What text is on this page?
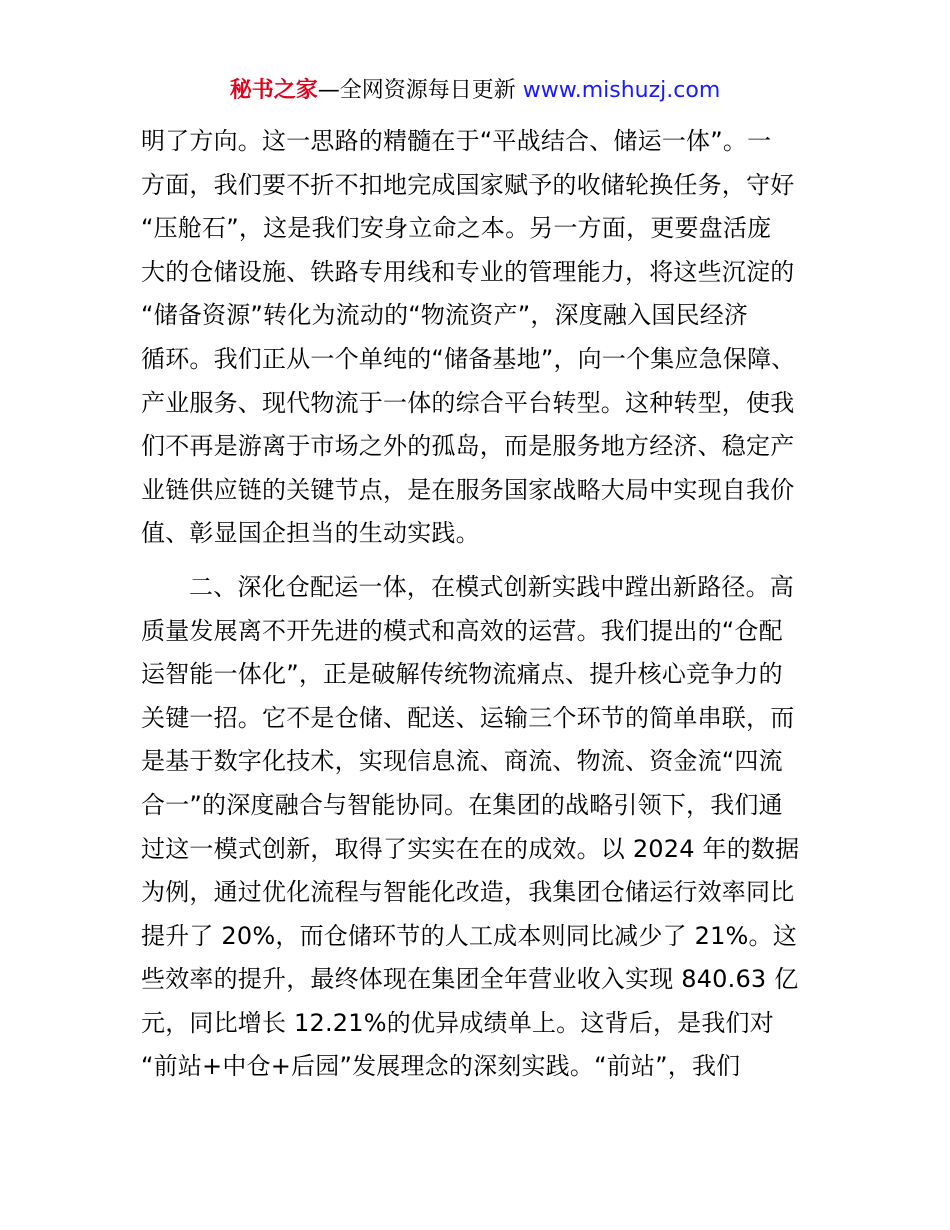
秘书之家—全网资源每日更新 www.mishuzj.com
明了方向。这一思路的精髓在于“平战结合、储运一体”。一
方面，我们要不折不扣地完成国家赋予的收储轮换任务，守好
“压舱石”，这是我们安身立命之本。另一方面，更要盘活庞
大的仓储设施、铁路专用线和专业的管理能力，将这些沉淀的
“储备资源”转化为流动的“物流资产”，深度融入国民经济
循环。我们正从一个单纯的“储备基地”，向一个集应急保障、
产业服务、现代物流于一体的综合平台转型。这种转型，使我
们不再是游离于市场之外的孤岛，而是服务地方经济、稳定产
业链供应链的关键节点，是在服务国家战略大局中实现自我价
值、彰显国企担当的生动实践。
二、深化仓配运一体，在模式创新实践中蹚出新路径。高
质量发展离不开先进的模式和高效的运营。我们提出的“仓配
运智能一体化”，正是破解传统物流痛点、提升核心竞争力的
关键一招。它不是仓储、配送、运输三个环节的简单串联，而
是基于数字化技术，实现信息流、商流、物流、资金流“四流
合一”的深度融合与智能协同。在集团的战略引领下，我们通
过这一模式创新，取得了实实在在的成效。以 2024 年的数据
为例，通过优化流程与智能化改造，我集团仓储运行效率同比
提升了 20%，而仓储环节的人工成本则同比减少了 21%。这
些效率的提升，最终体现在集团全年营业收入实现 840.63 亿
元，同比增长 12.21%的优异成绩单上。这背后，是我们对
“前站+中仓+后园”发展理念的深刻实践。“前站”，我们
